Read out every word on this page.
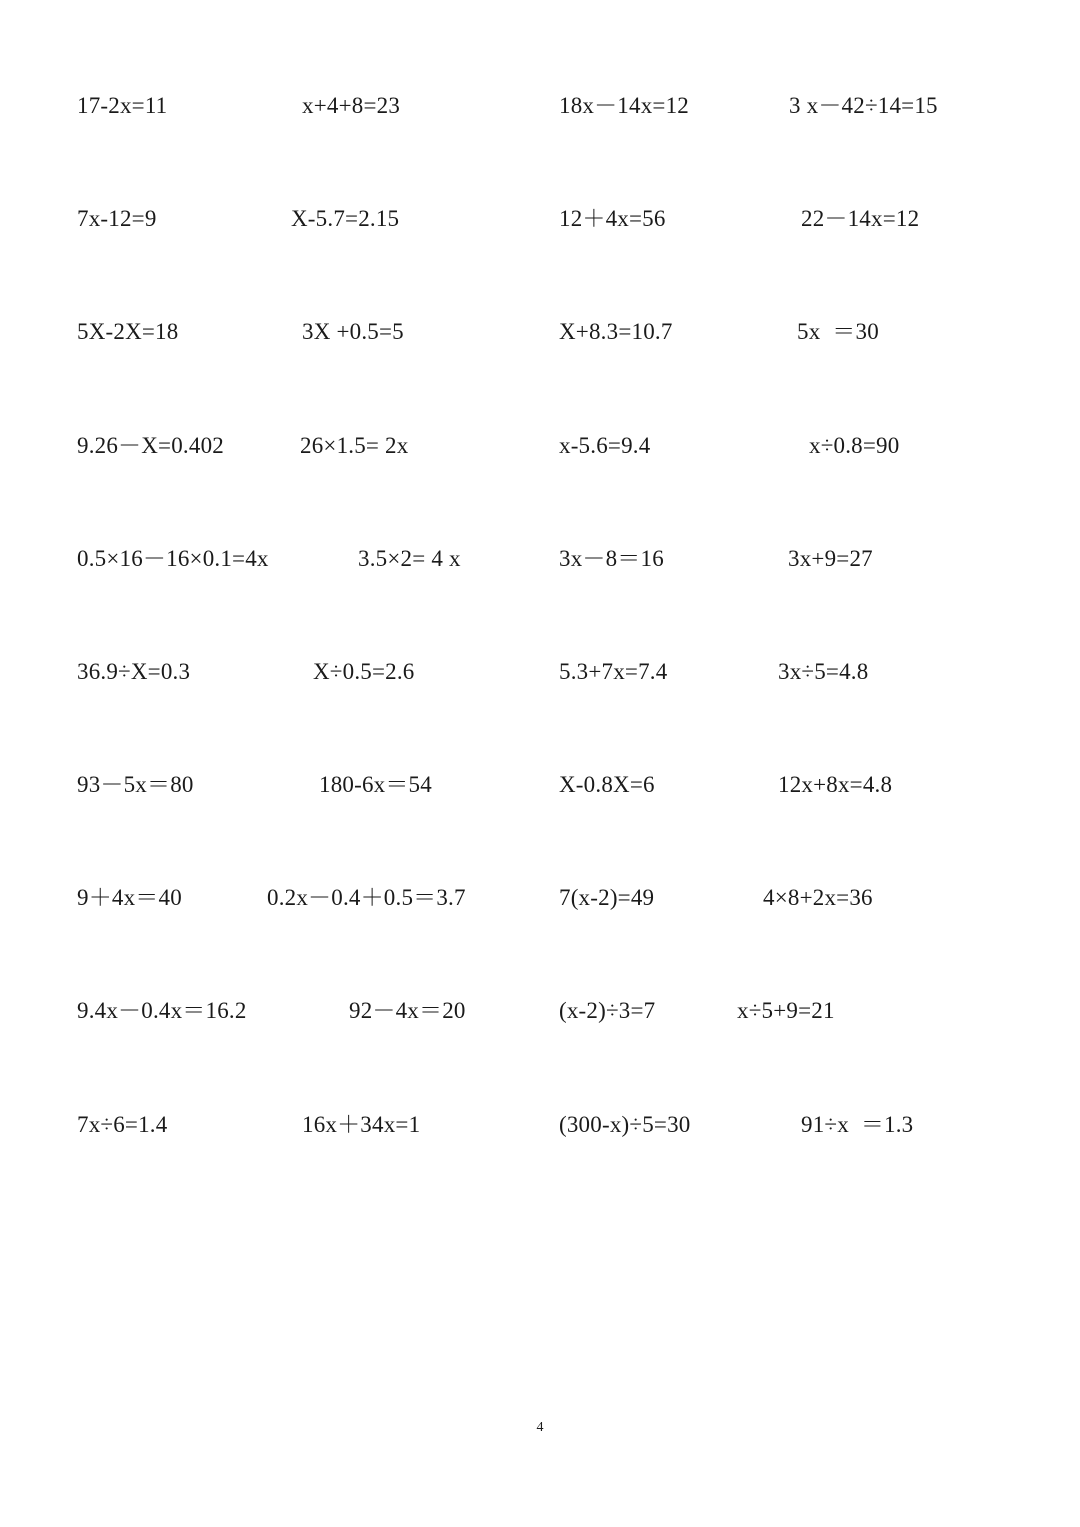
17-2x=11	x+4+8=23	18x－14x=12	3 x－42÷14=15
7x-12=9	X-5.7=2.15	12＋4x=56	22－14x=12
5X-2X=18	3X +0.5=5	X+8.3=10.7	5x  ＝30
9.26－X=0.402	26×1.5= 2x	x-5.6=9.4	x÷0.8=90
0.5×16－16×0.1=4x	3.5×2= 4 x	3x－8＝16	3x+9=27
36.9÷X=0.3	X÷0.5=2.6	5.3+7x=7.4	3x÷5=4.8
93－5x＝80	180-6x＝54	X-0.8X=6	12x+8x=4.8
9＋4x＝40	0.2x－0.4＋0.5＝3.7	7(x-2)=49	4×8+2x=36
9.4x－0.4x＝16.2	92－4x＝20	(x-2)÷3=7	x÷5+9=21
7x÷6=1.4	16x＋34x=1	(300-x)÷5=30	91÷x  ＝1.3
4
